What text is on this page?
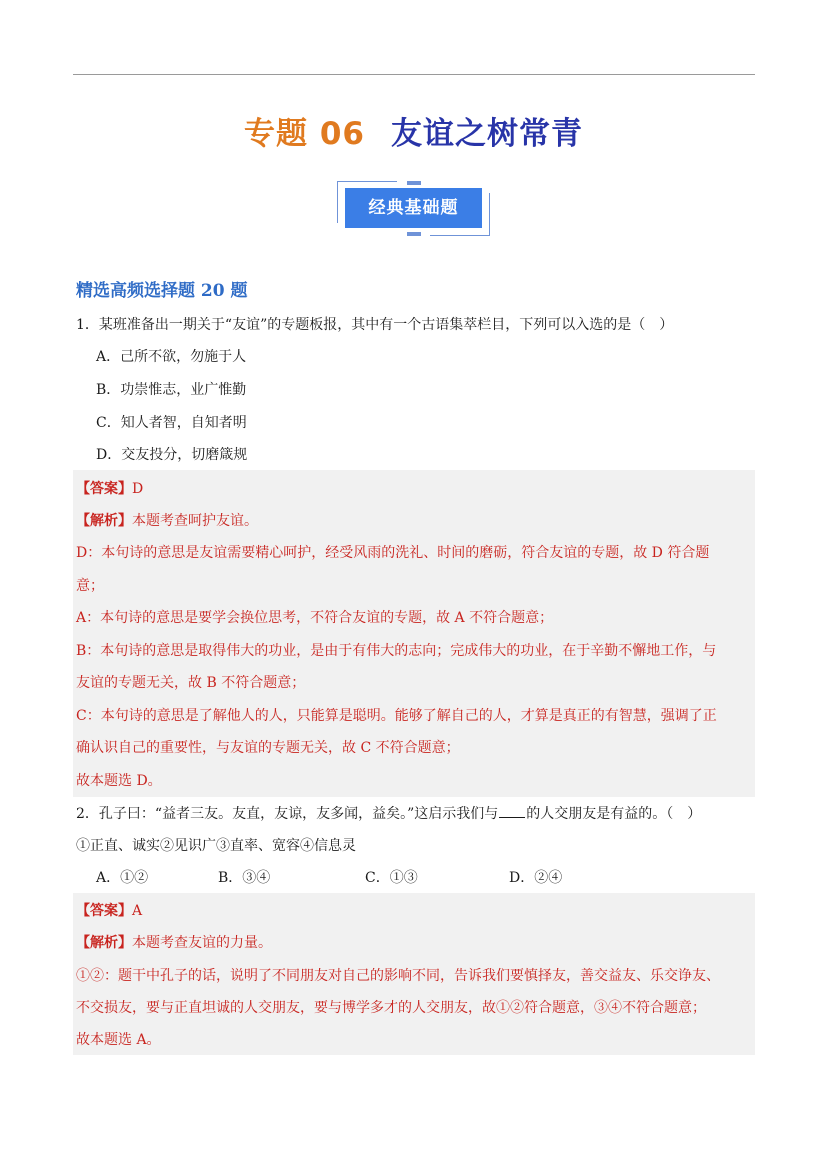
专题 06 友谊之树常青
经典基础题
精选高频选择题 20 题
1．某班准备出一期关于“友谊”的专题板报，其中有一个古语集萃栏目，下列可以入选的是（　）
A．己所不欲，勿施于人
B．功崇惟志，业广惟勤
C．知人者智，自知者明
D．交友投分，切磨箴规
【答案】D
【解析】本题考查呵护友谊。
D：本句诗的意思是友谊需要精心呵护，经受风雨的洗礼、时间的磨砺，符合友谊的专题，故 D 符合题
意；
A：本句诗的意思是要学会换位思考，不符合友谊的专题，故 A 不符合题意；
B：本句诗的意思是取得伟大的功业，是由于有伟大的志向；完成伟大的功业，在于辛勤不懈地工作，与
友谊的专题无关，故 B 不符合题意；
C：本句诗的意思是了解他人的人，只能算是聪明。能够了解自己的人，才算是真正的有智慧，强调了正
确认识自己的重要性，与友谊的专题无关，故 C 不符合题意；
故本题选 D。
2．孔子曰：“益者三友。友直，友谅，友多闻，益矣。”这启示我们与 的人交朋友是有益的。（　）
①正直、诚实②见识广③直率、宽容④信息灵
A．①②	B．③④	C．①③	D．②④
【答案】A
【解析】本题考查友谊的力量。
①②：题干中孔子的话，说明了不同朋友对自己的影响不同，告诉我们要慎择友，善交益友、乐交诤友、
不交损友，要与正直坦诚的人交朋友，要与博学多才的人交朋友，故①②符合题意，③④不符合题意；
故本题选 A。
